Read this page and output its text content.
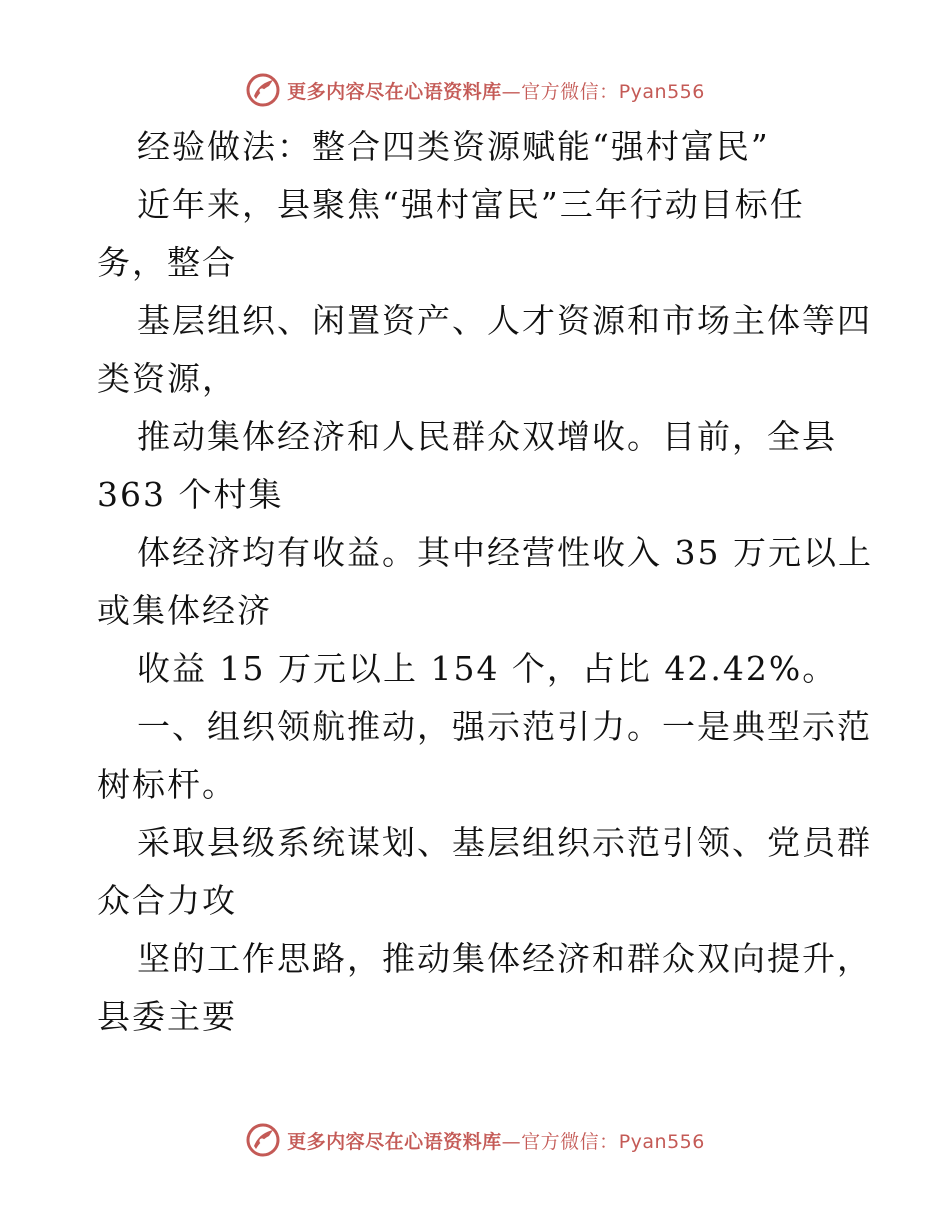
更多内容尽在心语资料库—官方微信：Pyan556
经验做法：整合四类资源赋能“强村富民”
近年来，县聚焦“强村富民”三年行动目标任
务，整合
基层组织、闲置资产、人才资源和市场主体等四
类资源，
推动集体经济和人民群众双增收。目前，全县
363 个村集
体经济均有收益。其中经营性收入 35 万元以上
或集体经济
收益 15 万元以上 154 个，占比 42.42%。
一、组织领航推动，强示范引力。一是典型示范
树标杆。
采取县级系统谋划、基层组织示范引领、党员群
众合力攻
坚的工作思路，推动集体经济和群众双向提升，
县委主要
更多内容尽在心语资料库—官方微信：Pyan556
